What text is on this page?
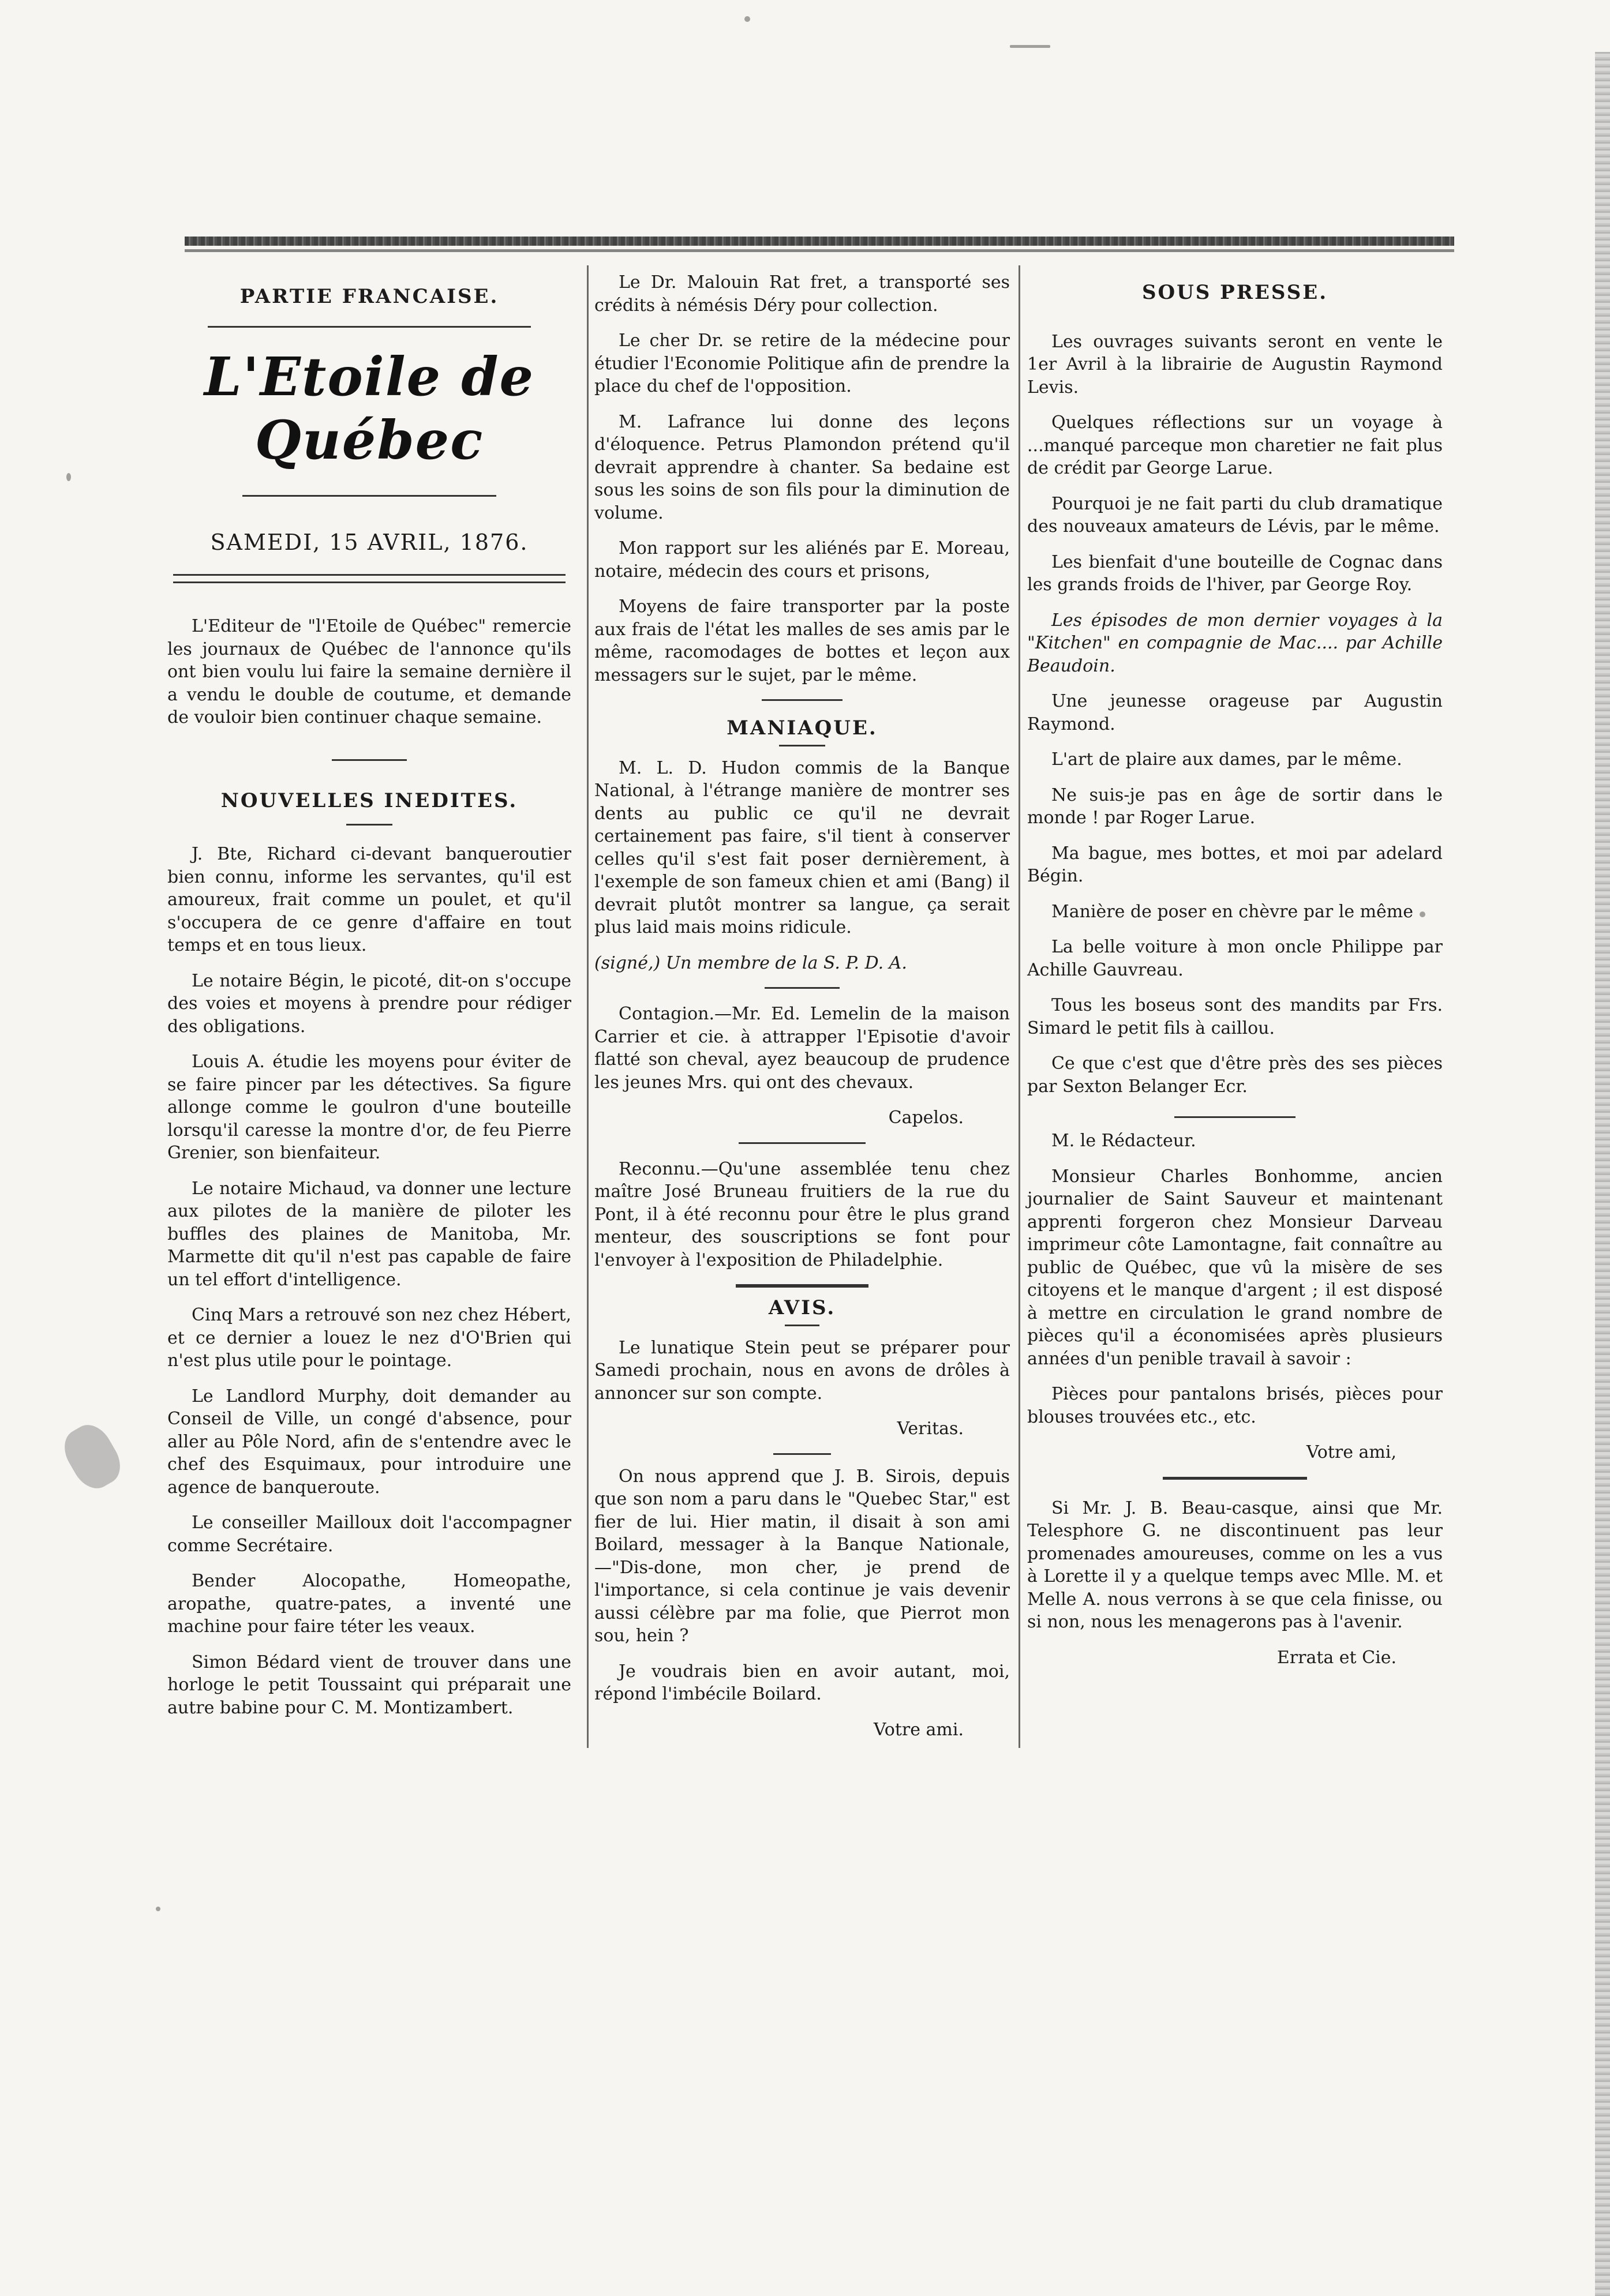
PARTIE FRANCAISE.
L'Etoile de Québec
SAMEDI, 15 AVRIL, 1876.

L'Editeur de "l'Etoile de Québec" remercie les journaux de Québec de l'annonce qu'ils ont bien voulu lui faire la semaine dernière il a vendu le double de coutume, et demande de vouloir bien continuer chaque semaine.

NOUVELLES INEDITES.

J. Bte, Richard ci-devant banqueroutier bien connu, informe les servantes, qu'il est amoureux, frait comme un poulet, et qu'il s'occupera de ce genre d'affaire en tout temps et en tous lieux.

Le notaire Bégin, le picoté, dit-on s'occupe des voies et moyens à prendre pour rédiger des obligations.

Louis A. étudie les moyens pour éviter de se faire pincer par les détectives. Sa figure allonge comme le goulron d'une bouteille lorsqu'il caresse la montre d'or, de feu Pierre Grenier, son bienfaiteur.

Le notaire Michaud, va donner une lecture aux pilotes de la manière de piloter les buffles des plaines de Manitoba, Mr. Marmette dit qu'il n'est pas capable de faire un tel effort d'intelligence.

Cinq Mars a retrouvé son nez chez Hébert, et ce dernier a louez le nez d'O'Brien qui n'est plus utile pour le pointage.

Le Landlord Murphy, doit demander au Conseil de Ville, un congé d'absence, pour aller au Pôle Nord, afin de s'entendre avec le chef des Esquimaux, pour introduire une agence de banqueroute.

Le conseiller Mailloux doit l'accompagner comme Secrétaire.

Bender Alocopathe, Homeopathe, aropathe, quatre-pates, a inventé une machine pour faire téter les veaux.

Simon Bédard vient de trouver dans une horloge le petit Toussaint qui préparait une autre babine pour C. M. Montizambert.

Le Dr. Malouin Rat fret, a transporté ses crédits à némésis Déry pour collection.

Le cher Dr. se retire de la médecine pour étudier l'Economie Politique afin de prendre la place du chef de l'opposition.

M. Lafrance lui donne des leçons d'éloquence. Petrus Plamondon prétend qu'il devrait apprendre à chanter. Sa bedaine est sous les soins de son fils pour la diminution de volume.

Mon rapport sur les aliénés par E. Moreau, notaire, médecin des cours et prisons,

Moyens de faire transporter par la poste aux frais de l'état les malles de ses amis par le même, racomodages de bottes et leçon aux messagers sur le sujet, par le même.

MANIAQUE.

M. L. D. Hudon commis de la Banque National, à l'étrange manière de montrer ses dents au public ce qu'il ne devrait certainement pas faire, s'il tient à conserver celles qu'il s'est fait poser dernièrement, à l'exemple de son fameux chien et ami (Bang) il devrait plutôt montrer sa langue, ça serait plus laid mais moins ridicule.

(signé,) Un membre de la S. P. D. A.

Contagion.—Mr. Ed. Lemelin de la maison Carrier et cie. à attrapper l'Episotie d'avoir flatté son cheval, ayez beaucoup de prudence les jeunes Mrs. qui ont des chevaux.

Capelos.

Reconnu.—Qu'une assemblée tenu chez maître José Bruneau fruitiers de la rue du Pont, il à été reconnu pour être le plus grand menteur, des souscriptions se font pour l'envoyer à l'exposition de Philadelphie.

AVIS.

Le lunatique Stein peut se préparer pour Samedi prochain, nous en avons de drôles à annoncer sur son compte.

Veritas.

On nous apprend que J. B. Sirois, depuis que son nom a paru dans le "Quebec Star," est fier de lui. Hier matin, il disait à son ami Boilard, messager à la Banque Nationale,—"Dis-done, mon cher, je prend de l'importance, si cela continue je vais devenir aussi célèbre par ma folie, que Pierrot mon sou, hein ?

Je voudrais bien en avoir autant, moi, répond l'imbécile Boilard.

Votre ami.
SOUS PRESSE.

Les ouvrages suivants seront en vente le 1er Avril à la librairie de Augustin Raymond Levis.

Quelques réflections sur un voyage à ...manqué parceque mon charetier ne fait plus de crédit par George Larue.

Pourquoi je ne fait parti du club dramatique des nouveaux amateurs de Lévis, par le même.

Les bienfait d'une bouteille de Cognac dans les grands froids de l'hiver, par George Roy.

Les épisodes de mon dernier voyages à la "Kitchen" en compagnie de Mac.... par Achille Beaudoin.

Une jeunesse orageuse par Augustin Raymond.

L'art de plaire aux dames, par le même.

Ne suis-je pas en âge de sortir dans le monde ! par Roger Larue.

Ma bague, mes bottes, et moi par adelard Bégin.

Manière de poser en chèvre par le même

La belle voiture à mon oncle Philippe par Achille Gauvreau.

Tous les boseus sont des mandits par Frs. Simard le petit fils à caillou.

Ce que c'est que d'être près des ses pièces par Sexton Belanger Ecr.

M. le Rédacteur.

Monsieur Charles Bonhomme, ancien journalier de Saint Sauveur et maintenant apprenti forgeron chez Monsieur Darveau imprimeur côte Lamontagne, fait connaître au public de Québec, que vû la misère de ses citoyens et le manque d'argent ; il est disposé à mettre en circulation le grand nombre de pièces qu'il a économisées après plusieurs années d'un penible travail à savoir :

Pièces pour pantalons brisés, pièces pour blouses trouvées etc., etc.

Votre ami,

Si Mr. J. B. Beau-casque, ainsi que Mr. Telesphore G. ne discontinuent pas leur promenades amoureuses, comme on les a vus à Lorette il y a quelque temps avec Mlle. M. et Melle A. nous verrons à se que cela finisse, ou si non, nous les menagerons pas à l'avenir.

Errata et Cie.
